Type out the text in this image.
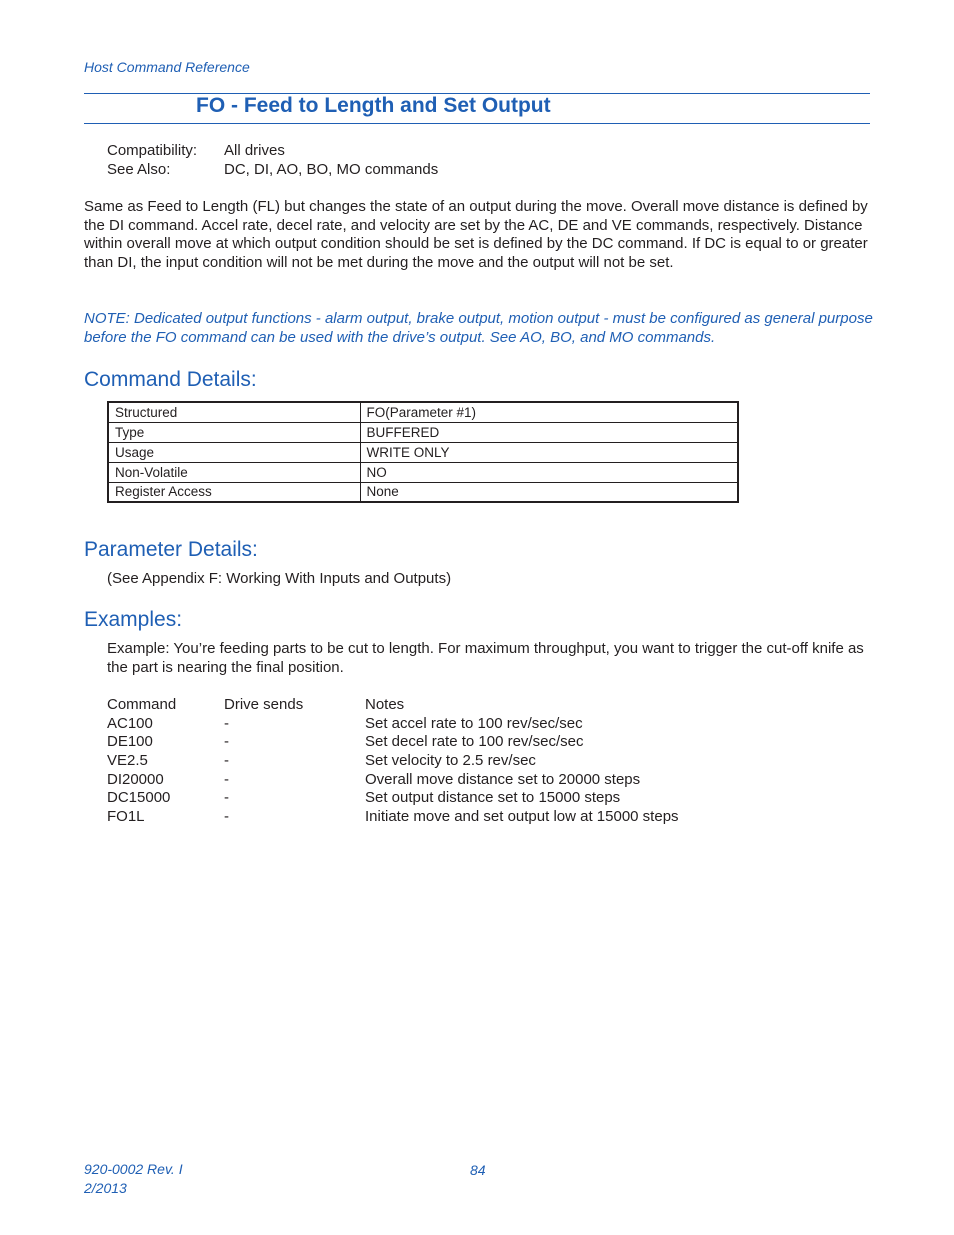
Host Command Reference
FO - Feed to Length and Set Output
Compatibility:	All drives
See Also:	DC, DI, AO, BO, MO commands
Same as Feed to Length (FL) but changes the state of an output during the move. Overall move distance is defined by the DI command. Accel rate, decel rate, and velocity are set by the AC, DE and VE commands, respectively. Distance within overall move at which output condition should be set is defined by the DC command. If DC is equal to or greater than DI, the input condition will not be met during the move and the output will not be set.
NOTE: Dedicated output functions - alarm output, brake output, motion output - must be configured as general purpose before the FO command can be used with the drive’s output. See AO, BO, and MO commands.
Command Details:
Structured	FO(Parameter #1)
Type	BUFFERED
Usage	WRITE ONLY
Non-Volatile	NO
Register Access	None
Parameter Details:
(See Appendix F: Working With Inputs and Outputs)
Examples:
Example: You’re feeding parts to be cut to length. For maximum throughput, you want to trigger the cut-off knife as the part is nearing the final position.
Command	Drive sends	Notes
AC100	-	Set accel rate to 100 rev/sec/sec
DE100	-	Set decel rate to 100 rev/sec/sec
VE2.5	-	Set velocity to 2.5 rev/sec
DI20000	-	Overall move distance set to 20000 steps
DC15000	-	Set output distance set to 15000 steps
FO1L	-	Initiate move and set output low at 15000 steps
920-0002 Rev. I
2/2013
84
